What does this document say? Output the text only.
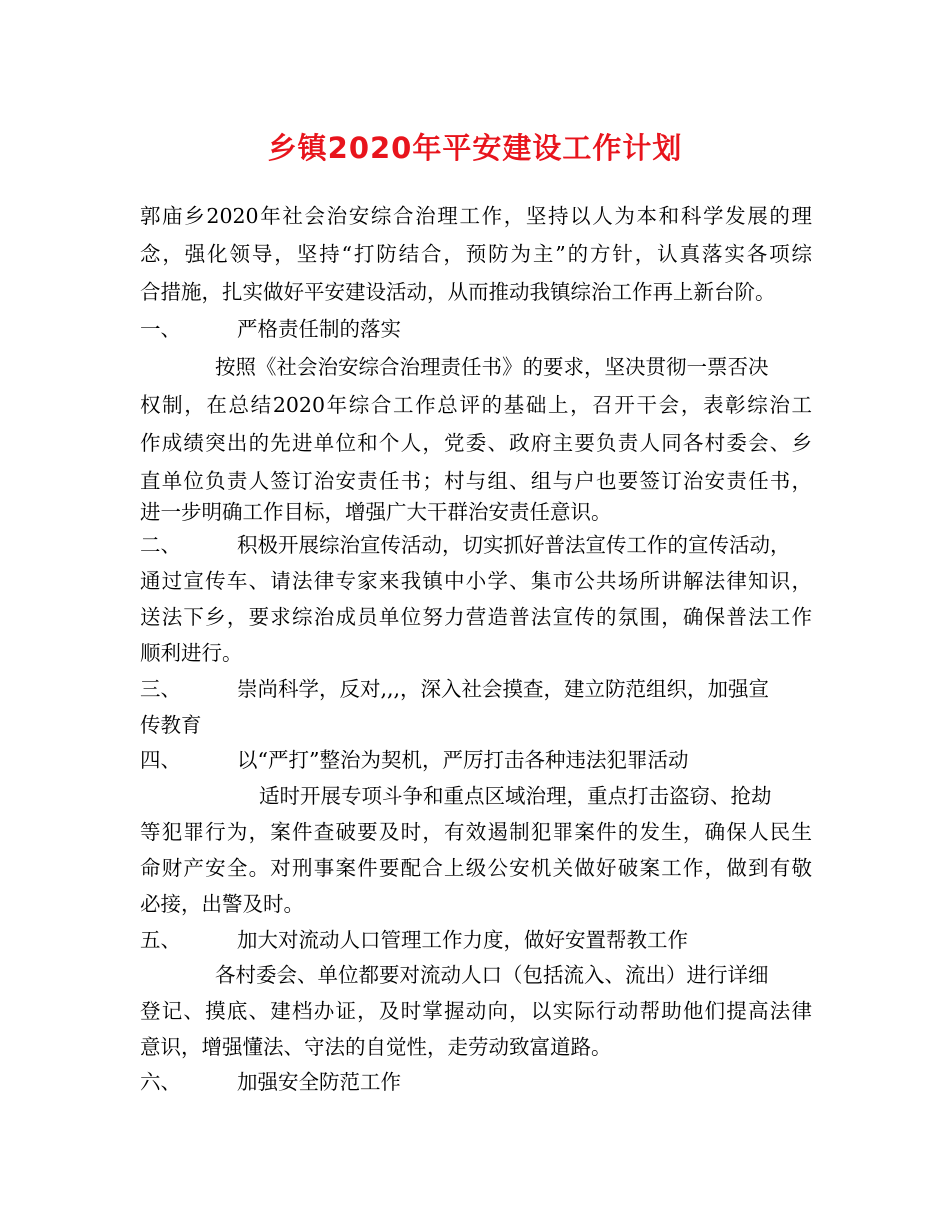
乡镇2020年平安建设工作计划
郭庙乡2020年社会治安综合治理工作，坚持以人为本和科学发展的理
念，强化领导，坚持“打防结合，预防为主”的方针，认真落实各项综
合措施，扎实做好平安建设活动，从而推动我镇综治工作再上新台阶。
一、	严格责任制的落实
按照《社会治安综合治理责任书》的要求，坚决贯彻一票否决
权制，在总结2020年综合工作总评的基础上，召开干会，表彰综治工
作成绩突出的先进单位和个人，党委、政府主要负责人同各村委会、乡
直单位负责人签订治安责任书；村与组、组与户也要签订治安责任书，
进一步明确工作目标，增强广大干群治安责任意识。
二、	积极开展综治宣传活动，切实抓好普法宣传工作的宣传活动，
通过宣传车、请法律专家来我镇中小学、集市公共场所讲解法律知识，
送法下乡，要求综治成员单位努力营造普法宣传的氛围，确保普法工作
顺利进行。
三、	崇尚科学，反对,,,，深入社会摸查，建立防范组织，加强宣
传教育
四、	以“严打”整治为契机，严厉打击各种违法犯罪活动
适时开展专项斗争和重点区域治理，重点打击盗窃、抢劫
等犯罪行为，案件查破要及时，有效遏制犯罪案件的发生，确保人民生
命财产安全。对刑事案件要配合上级公安机关做好破案工作，做到有敬
必接，出警及时。
五、	加大对流动人口管理工作力度，做好安置帮教工作
各村委会、单位都要对流动人口（包括流入、流出）进行详细
登记、摸底、建档办证，及时掌握动向，以实际行动帮助他们提高法律
意识，增强懂法、守法的自觉性，走劳动致富道路。
六、	加强安全防范工作
